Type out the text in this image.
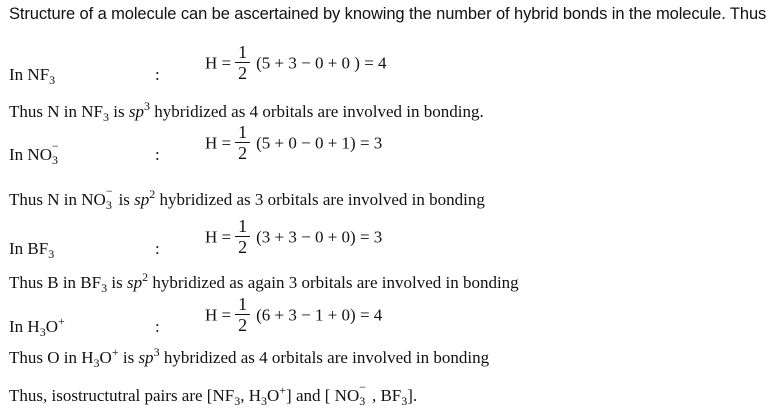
Structure of a molecule can be ascertained by knowing the number of hybrid bonds in the molecule. Thus
In $NF_3$	:
$H = \frac{1}{2} (5 + 3 - 0 + 0$ ) = 4
Thus N in $NF_3$ is $sp^3$ hybridized as 4 orbitals are involved in bonding.
In NO −
3	:
$H = \frac{1}{2} (5 + 0 - 0 + 1) = 3$
Thus N in NO −
3 is $sp^2$ hybridized as 3 orbitals are involved in bonding
In $BF_3$	:
$H = \frac{1}{2} (3 + 3 - 0 + 0) = 3$
Thus B in $BF_3$ is $sp^2$ hybridized as again 3 orbitals are involved in bonding
In $H_3O^+$	:
$H = \frac{1}{2} (6 + 3 - 1 + 0) = 4$
Thus O in $H_3O^+$ is $sp^3$ hybridized as 4 orbitals are involved in bonding
Thus, isostructutral pairs are [$NF_3$, $H_3O^+$] and [ NO −
3 , $BF_3$].
